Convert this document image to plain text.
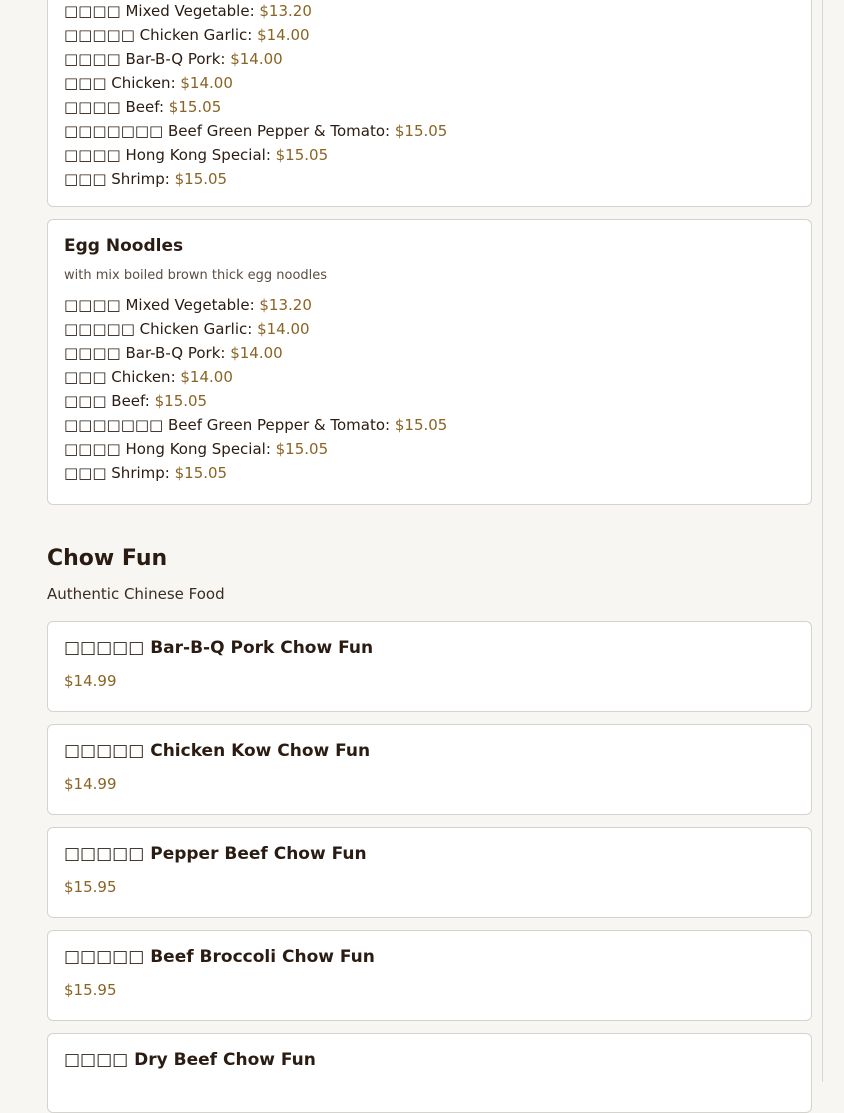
□□□□ Mixed Vegetable: $13.20
□□□□□ Chicken Garlic: $14.00
□□□□ Bar-B-Q Pork: $14.00
□□□ Chicken: $14.00
□□□□ Beef: $15.05
□□□□□□□ Beef Green Pepper & Tomato: $15.05
□□□□ Hong Kong Special: $15.05
□□□ Shrimp: $15.05
Egg Noodles

with mix boiled brown thick egg noodles

□□□□ Mixed Vegetable: $13.20
□□□□□ Chicken Garlic: $14.00
□□□□ Bar-B-Q Pork: $14.00
□□□ Chicken: $14.00
□□□ Beef: $15.05
□□□□□□□ Beef Green Pepper & Tomato: $15.05
□□□□ Hong Kong Special: $15.05
□□□ Shrimp: $15.05
Chow Fun

Authentic Chinese Food

□□□□□ Bar-B-Q Pork Chow Fun

$14.99

□□□□□ Chicken Kow Chow Fun

$14.99

□□□□□ Pepper Beef Chow Fun

$15.95

□□□□□ Beef Broccoli Chow Fun

$15.95

□□□□ Dry Beef Chow Fun
